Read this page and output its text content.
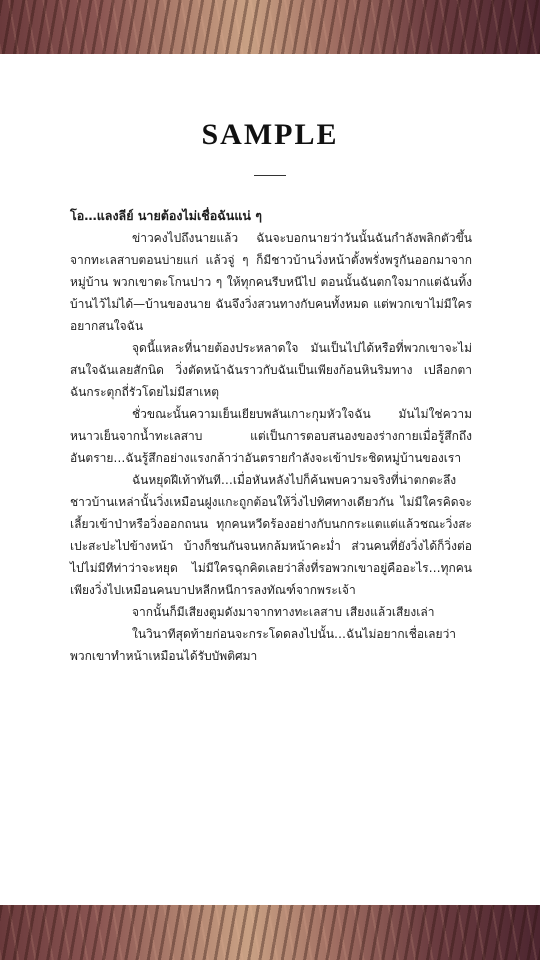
SAMPLE
โอ…แลงลีย์ นายต้องไม่เชื่อฉันแน่ ๆ

ข่าวคงไปถึงนายแล้ว ฉันจะบอกนายว่าวันนั้นฉันกำลังพลิกตัวขึ้นจากทะเลสาบตอนบ่ายแก่ แล้วจู่ ๆ ก็มีชาวบ้านวิ่งหน้าตั้งพรั่งพรูกันออกมาจากหมู่บ้าน พวกเขาตะโกนปาว ๆ ให้ทุกคนรีบหนีไป ตอนนั้นฉันตกใจมากแต่ฉันทิ้งบ้านไว้ไม่ได้—บ้านของนาย ฉันจึงวิ่งสวนทางกับคนทั้งหมด แต่พวกเขาไม่มีใครอยากสนใจฉัน

จุดนี้แหละที่นายต้องประหลาดใจ มันเป็นไปได้หรือที่พวกเขาจะไม่สนใจฉันเลยสักนิด วิ่งตัดหน้าฉันราวกับฉันเป็นเพียงก้อนหินริมทาง เปลือกตาฉันกระตุกถี่รัวโดยไม่มีสาเหตุ

ชั่วขณะนั้นความเย็นเยียบพลันเกาะกุมหัวใจฉัน มันไม่ใช่ความหนาวเย็นจากน้ำทะเลสาบ แต่เป็นการตอบสนองของร่างกายเมื่อรู้สึกถึงอันตราย…ฉันรู้สึกอย่างแรงกล้าว่าอันตรายกำลังจะเข้าประชิดหมู่บ้านของเรา

ฉันหยุดฝีเท้าทันที…เมื่อหันหลังไปก็ค้นพบความจริงที่น่าตกตะลึง ชาวบ้านเหล่านั้นวิ่งเหมือนฝูงแกะถูกต้อนให้วิ่งไปทิศทางเดียวกัน ไม่มีใครคิดจะเลี้ยวเข้าป่าหรือวิ่งออกถนน ทุกคนหวีดร้องอย่างกับนกกระแตแต่แล้วชณะวิ่งสะเปะสะปะไปข้างหน้า บ้างก็ชนกันจนหกล้มหน้าคะม่ำ ส่วนคนที่ยังวิ่งได้ก็วิ่งต่อไปไม่มีทีท่าว่าจะหยุด ไม่มีใครฉุกคิดเลยว่าสิ่งที่รอพวกเขาอยู่คืออะไร…ทุกคนเพียงวิ่งไปเหมือนคนบาปหลีกหนีการลงทัณฑ์จากพระเจ้า

จากนั้นก็มีเสียงตูมดังมาจากทางทะเลสาบ เสียงแล้วเสียงเล่า

ในวินาทีสุดท้ายก่อนจะกระโดดลงไปนั้น…ฉันไม่อยากเชื่อเลยว่าพวกเขาทำหน้าเหมือนได้รับบัพติศมา
